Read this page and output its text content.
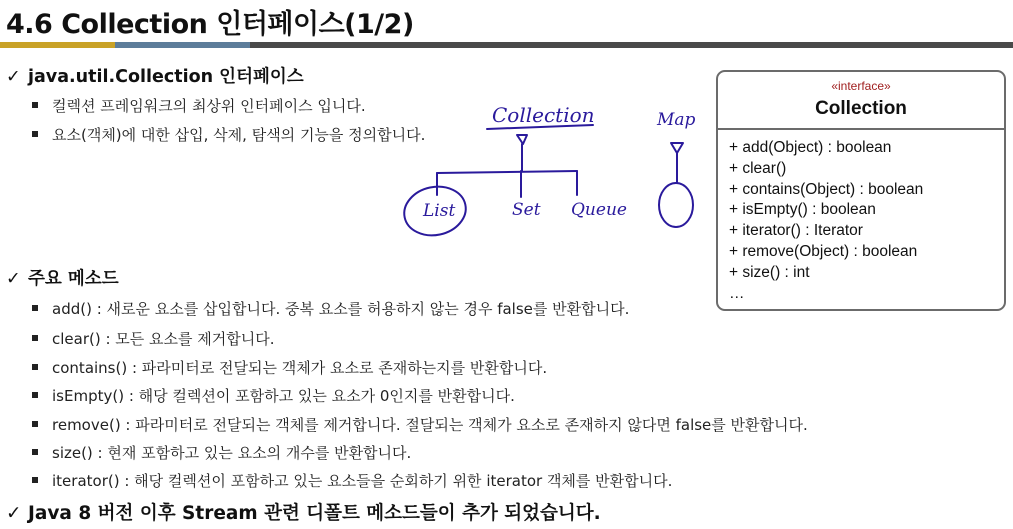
4.6 Collection 인터페이스(1/2)
✓ java.util.Collection 인터페이스
컬렉션 프레임워크의 최상위 인터페이스 입니다.
요소(객체)에 대한 삽입, 삭제, 탐색의 기능을 정의합니다.
Collection
List	Set Queue
Map
«interface»
Collection
+ add(Object) : boolean
+ clear()
+ contains(Object) : boolean
+ isEmpty() : boolean
+ iterator() : Iterator
+ remove(Object) : boolean
+ size() : int
…
✓ 주요 메소드
add() : 새로운 요소를 삽입합니다. 중복 요소를 허용하지 않는 경우 false를 반환합니다.
clear() : 모든 요소를 제거합니다.
contains() : 파라미터로 전달되는 객체가 요소로 존재하는지를 반환합니다.
isEmpty() : 해당 컬렉션이 포함하고 있는 요소가 0인지를 반환합니다.
remove() : 파라미터로 전달되는 객체를 제거합니다. 절달되는 객체가 요소로 존재하지 않다면 false를 반환합니다.
size() : 현재 포함하고 있는 요소의 개수를 반환합니다.
iterator() : 해당 컬렉션이 포함하고 있는 요소들을 순회하기 위한 iterator 객체를 반환합니다.
✓ Java 8 버전 이후 Stream 관련 디폴트 메소드들이 추가 되었습니다.
